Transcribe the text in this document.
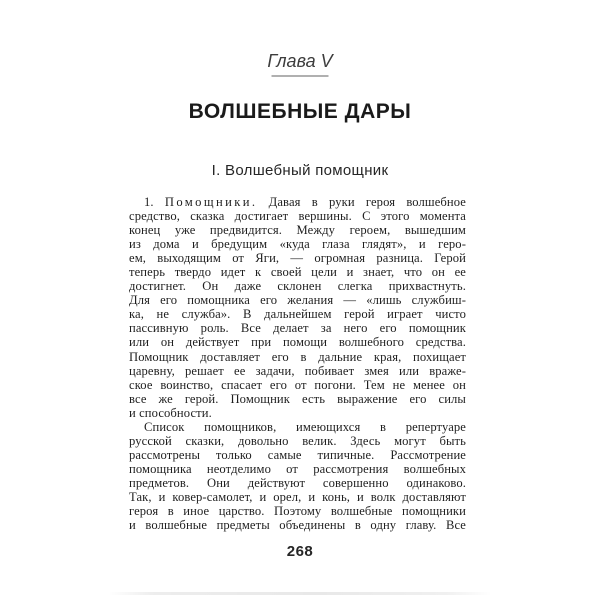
Глава V
ВОЛШЕБНЫЕ ДАРЫ
I. Волшебный помощник
1. Помощники. Давая в руки героя волшебное
средство, сказка достигает вершины. С этого момента
конец уже предвидится. Между героем, вышедшим
из дома и бредущим «куда глаза глядят», и геро-
ем, выходящим от Яги, — огромная разница. Герой
теперь твердо идет к своей цели и знает, что он ее
достигнет. Он даже склонен слегка прихвастнуть.
Для его помощника его желания — «лишь службиш-
ка, не служба». В дальнейшем герой играет чисто
пассивную роль. Все делает за него его помощник
или он действует при помощи волшебного средства.
Помощник доставляет его в дальние края, похищает
царевну, решает ее задачи, побивает змея или враже-
ское воинство, спасает его от погони. Тем не менее он
все же герой. Помощник есть выражение его силы
и способности.
Список помощников, имеющихся в репертуаре
русской сказки, довольно велик. Здесь могут быть
рассмотрены только самые типичные. Рассмотрение
помощника неотделимо от рассмотрения волшебных
предметов. Они действуют совершенно одинаково.
Так, и ковер-самолет, и орел, и конь, и волк доставляют
героя в иное царство. Поэтому волшебные помощники
и волшебные предметы объединены в одну главу. Все
268
